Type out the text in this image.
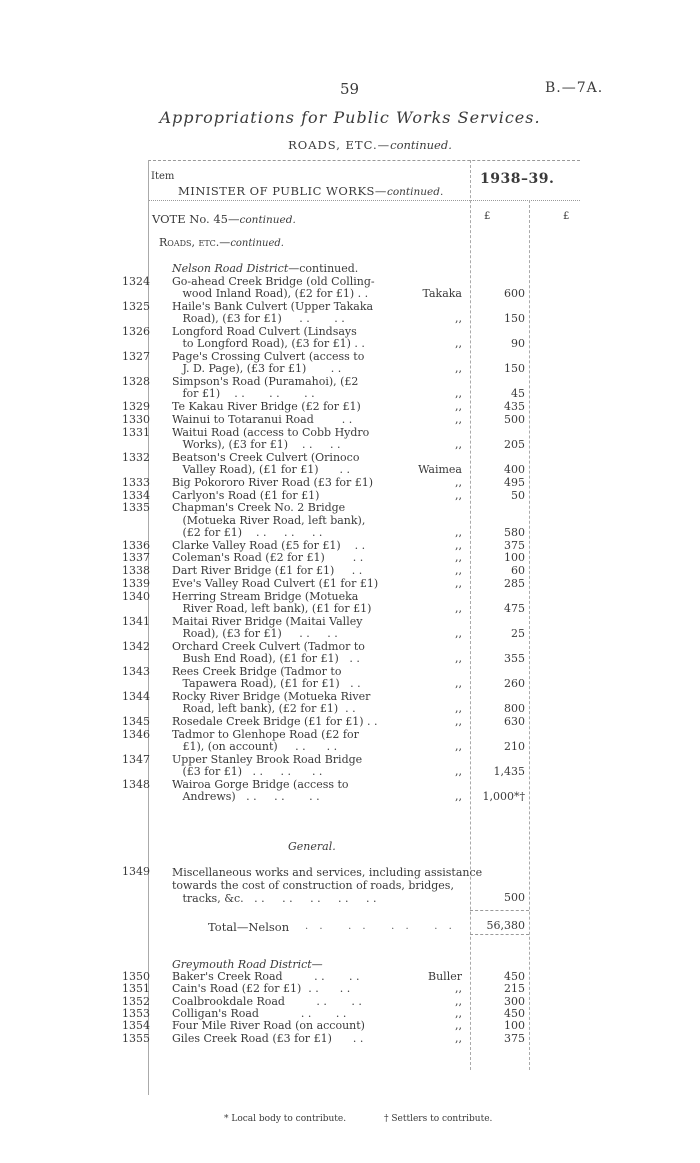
59	B.—7A.
Appropriations for Public Works Services.
ROADS, ETC.—continued.
Item	1938–39.
MINISTER OF PUBLIC WORKS—continued.
VOTE No. 45—continued.	£	£
Roads, etc.—continued.
Nelson Road District—continued.
1324 Go-ahead Creek Bridge (old Colling-
wood Inland Road), (£2 for £1) . .	Takaka	600
1325 Haile's Bank Culvert (Upper Takaka
Road), (£3 for £1)     . .       . .	,,	150
1326 Longford Road Culvert (Lindsays
to Longford Road), (£3 for £1) . .	,,	90
1327 Page's Crossing Culvert (access to
J. D. Page), (£3 for £1)       . .	,,	150
1328 Simpson's Road (Puramahoi), (£2
for £1)    . .       . .       . .	,,	45
1329 Te Kakau River Bridge (£2 for £1)	,,	435
1330 Wainui to Totaranui Road        . .	,,	500
1331 Waitui Road (access to Cobb Hydro
Works), (£3 for £1)    . .     . .	,,	205
1332 Beatson's Creek Culvert (Orinoco
Valley Road), (£1 for £1)      . .	Waimea	400
1333 Big Pokororo River Road (£3 for £1)	,,	495
1334 Carlyon's Road (£1 for £1)	,,	50
1335 Chapman's Creek No. 2 Bridge
(Motueka River Road, left bank),
(£2 for £1)    . .     . .     . .	,,	580
1336 Clarke Valley Road (£5 for £1)    . .	,,	375
1337 Coleman's Road (£2 for £1)        . .	,,	100
1338 Dart River Bridge (£1 for £1)     . .	,,	60
1339 Eve's Valley Road Culvert (£1 for £1)	,,	285
1340 Herring Stream Bridge (Motueka
River Road, left bank), (£1 for £1)	,,	475
1341 Maitai River Bridge (Maitai Valley
Road), (£3 for £1)     . .     . .	,,	25
1342 Orchard Creek Culvert (Tadmor to
Bush End Road), (£1 for £1)   . .	,,	355
1343 Rees Creek Bridge (Tadmor to
Tapawera Road), (£1 for £1)   . .	,,	260
1344 Rocky River Bridge (Motueka River
Road, left bank), (£2 for £1)  . .	,,	800
1345 Rosedale Creek Bridge (£1 for £1) . .	,,	630
1346 Tadmor to Glenhope Road (£2 for
£1), (on account)     . .      . .	,,	210
1347 Upper Stanley Brook Road Bridge
(£3 for £1)   . .     . .      . .	,,	1,435
1348 Wairoa Gorge Bridge (access to
Andrews)   . .     . .       . .	,,	1,000*†
General.
1349 Miscellaneous works and services, including assistance
towards the cost of construction of roads, bridges,
tracks, &c.   . .     . .     . .     . .     . .	500
Total—Nelson . .   . .   . .   . .	56,380
Greymouth Road District—
1350 Baker's Creek Road         . .       . .	Buller	450
1351 Cain's Road (£2 for £1)  . .      . .	,,	215
1352 Coalbrookdale Road         . .       . .	,,	300
1353 Colligan's Road            . .       . .	,,	450
1354 Four Mile River Road (on account)	,,	100
1355 Giles Creek Road (£3 for £1)      . .	,,	375
* Local body to contribute.	† Settlers to contribute.
